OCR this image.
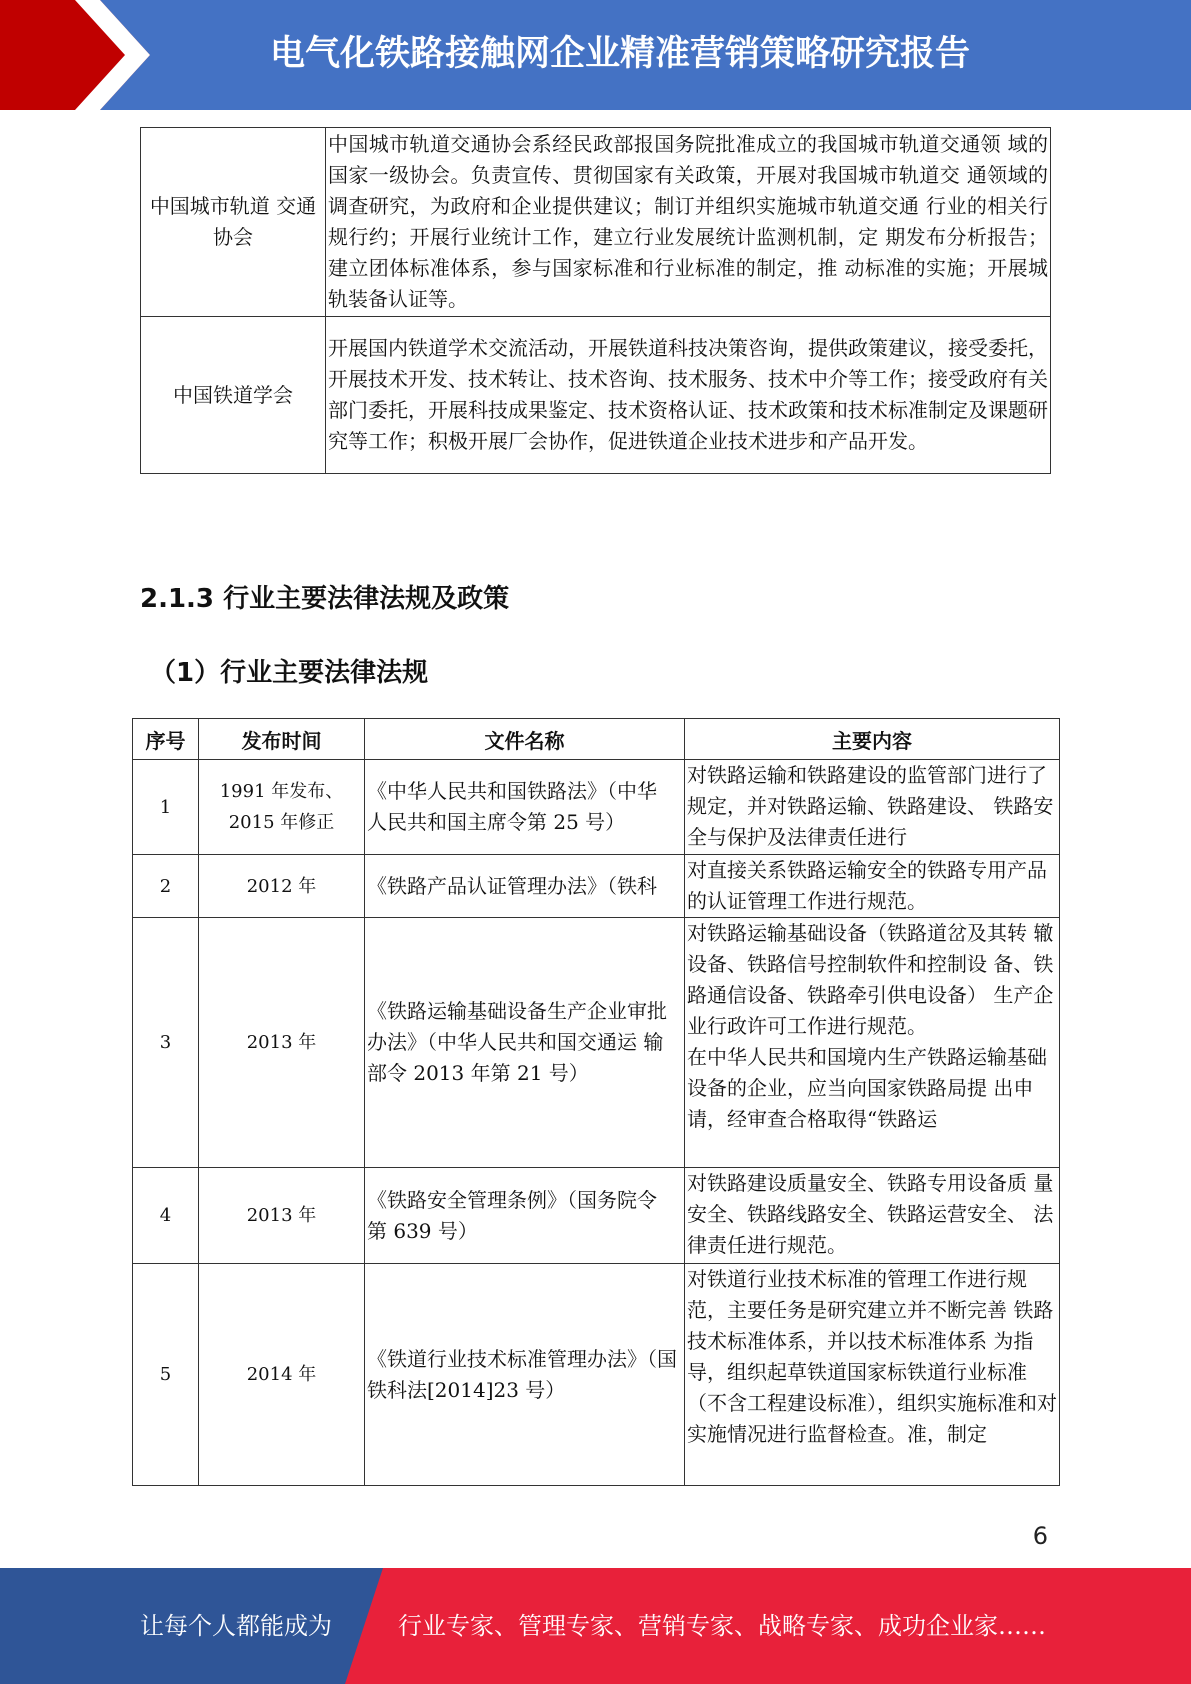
电气化铁路接触网企业精准营销策略研究报告
中国城市轨道 交通协会	中国城市轨道交通协会系经民政部报国务院批准成立的我国城市轨道交通领 域的国家一级协会。负责宣传、贯彻国家有关政策，开展对我国城市轨道交 通领域的调查研究，为政府和企业提供建议；制订并组织实施城市轨道交通 行业的相关行规行约；开展行业统计工作，建立行业发展统计监测机制，定 期发布分析报告；建立团体标准体系，参与国家标准和行业标准的制定，推 动标准的实施；开展城轨装备认证等。
中国铁道学会	开展国内铁道学术交流活动，开展铁道科技决策咨询，提供政策建议，接受委托，开展技术开发、技术转让、技术咨询、技术服务、技术中介等工作；接受政府有关部门委托，开展科技成果鉴定、技术资格认证、技术政策和技术标准制定及课题研究等工作；积极开展厂会协作，促进铁道企业技术进步和产品开发。
2.1.3 行业主要法律法规及政策
（1）行业主要法律法规
序号	发布时间	文件名称	主要内容
1	1991 年发布、2015 年修正	《中华人民共和国铁路法》（中华 人民共和国主席令第 25 号）	对铁路运输和铁路建设的监管部门进行了规定，并对铁路运输、铁路建设、 铁路安全与保护及法律责任进行

2	2012 年	《铁路产品认证管理办法》（铁科	对直接关系铁路运输安全的铁路专用产品的认证管理工作进行规范。

3	2013 年	《铁路运输基础设备生产企业审批办法》（中华人民共和国交通运 输部令 2013 年第 21 号）	对铁路运输基础设备（铁路道岔及其转 辙设备、铁路信号控制软件和控制设 备、铁路通信设备、铁路牵引供电设备） 生产企业行政许可工作进行规范。
在中华人民共和国境内生产铁路运输基础设备的企业，应当向国家铁路局提 出申请，经审查合格取得“铁路运

4	2013 年	《铁路安全管理条例》（国务院令 第 639 号）	对铁路建设质量安全、铁路专用设备质 量安全、铁路线路安全、铁路运营安全、 法律责任进行规范。

5	2014 年	《铁道行业技术标准管理办法》（国铁科法[2014]23 号）	对铁道行业技术标准的管理工作进行规范，主要任务是研究建立并不断完善 铁路技术标准体系，并以技术标准体系 为指导，组织起草铁道国家标铁道行业标准（不含工程建设标准），组织实施标准和对实施情况进行监督检查。准，制定
6
让每个人都能成为	行业专家、管理专家、营销专家、战略专家、成功企业家……
